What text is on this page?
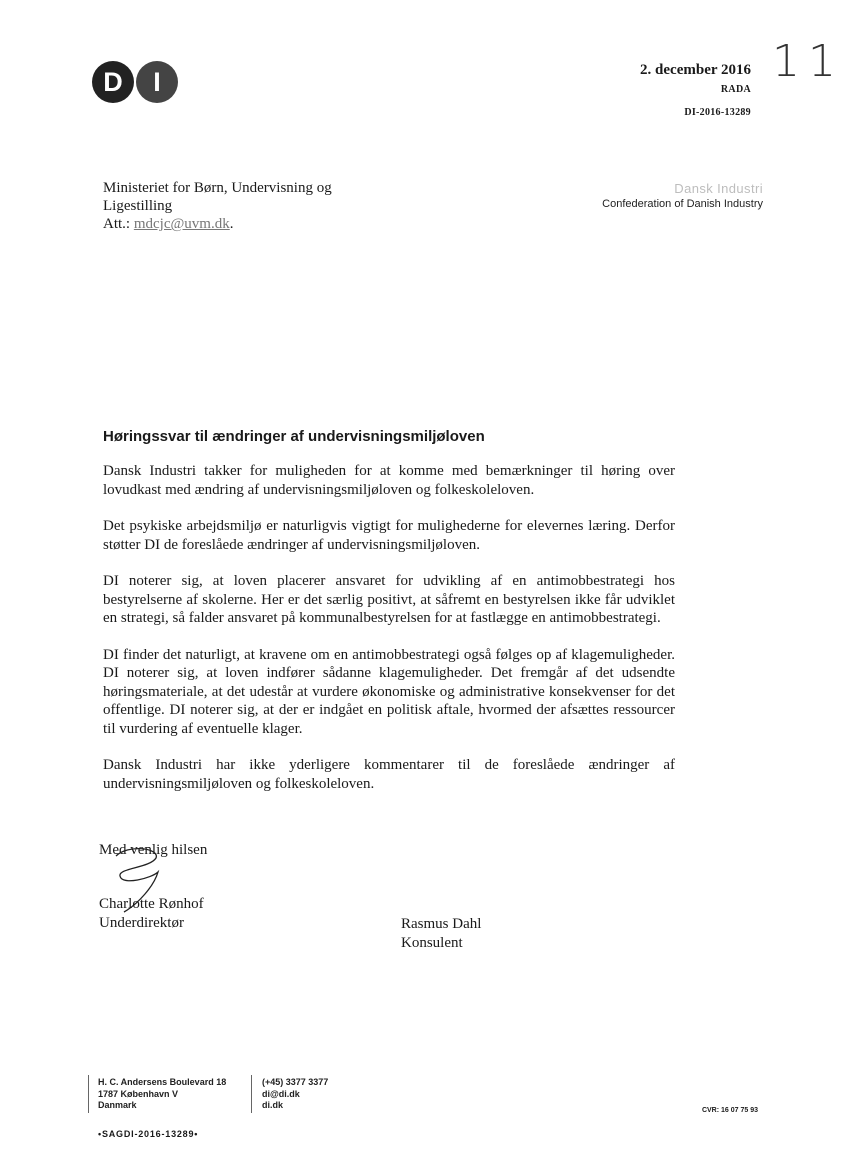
D	I	11
2. december 2016
RADA
DI-2016-13289
Ministeriet for Børn, Undervisning og
Ligestilling
Att.: mdcjc@uvm.dk.
Dansk Industri
Confederation of Danish Industry
Høringssvar til ændringer af undervisningsmiljøloven

Dansk Industri takker for muligheden for at komme med bemærkninger til høring over lovudkast med ændring af undervisningsmiljøloven og folkeskoleloven.

Det psykiske arbejdsmiljø er naturligvis vigtigt for mulighederne for elevernes læring. Derfor støtter DI de foreslåede ændringer af undervisningsmiljøloven.

DI noterer sig, at loven placerer ansvaret for udvikling af en antimobbestrategi hos bestyrelserne af skolerne. Her er det særlig positivt, at såfremt en bestyrelsen ikke får udviklet en strategi, så falder ansvaret på kommunalbestyrelsen for at fastlægge en antimobbestrategi.

DI finder det naturligt, at kravene om en antimobbestrategi også følges op af klagemuligheder. DI noterer sig, at loven indfører sådanne klagemuligheder. Det fremgår af det udsendte høringsmateriale, at det udestår at vurdere økonomiske og administrative konsekvenser for det offentlige. DI noterer sig, at der er indgået en politisk aftale, hvormed der afsættes ressourcer til vurdering af eventuelle klager.

Dansk Industri har ikke yderligere kommentarer til de foreslåede ændringer af undervisningsmiljøloven og folkeskoleloven.

Med venlig hilsen
Charlotte Rønhof
Underdirektør	Rasmus Dahl
Konsulent
H. C. Andersens Boulevard 18
1787 København V
Danmark
(+45) 3377 3377
di@di.dk
di.dk
CVR: 16 07 75 93
•SAGDI-2016-13289•
